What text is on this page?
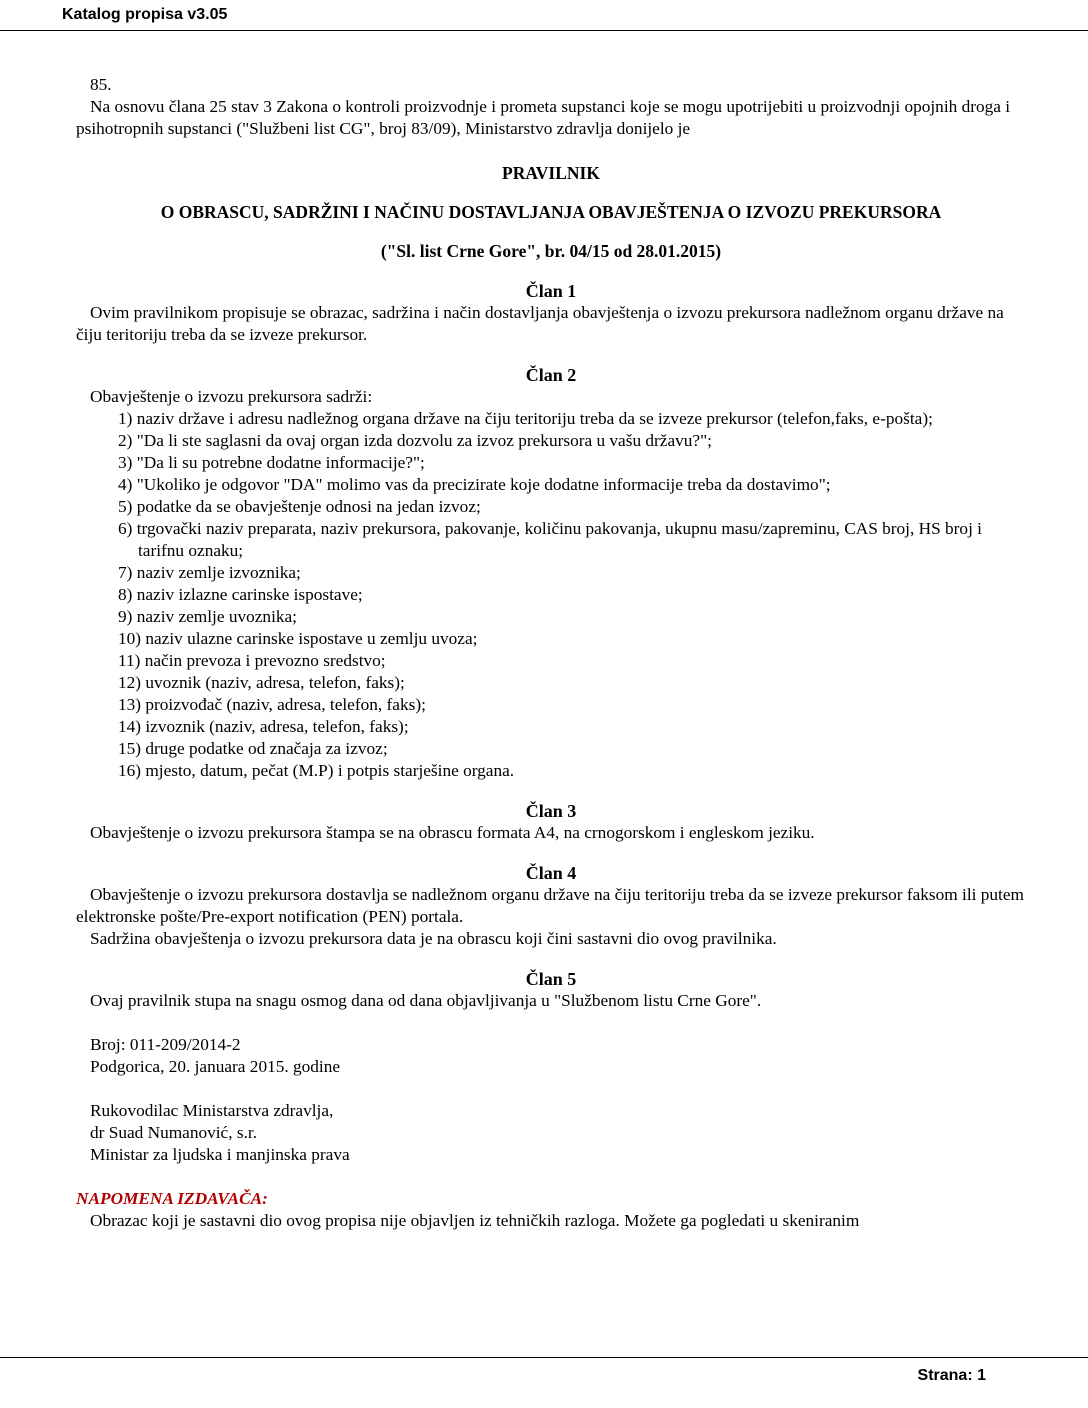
Katalog propisa v3.05

85.

Na osnovu člana 25 stav 3 Zakona o kontroli proizvodnje i prometa supstanci koje se mogu upotrijebiti u proizvodnji opojnih droga i psihotropnih supstanci ("Službeni list CG", broj 83/09), Ministarstvo zdravlja donijelo je

PRAVILNIK

O OBRASCU, SADRŽINI I NAČINU DOSTAVLJANJA OBAVJEŠTENJA O IZVOZU PREKURSORA

("Sl. list Crne Gore", br. 04/15 od 28.01.2015)

Član 1

Ovim pravilnikom propisuje se obrazac, sadržina i način dostavljanja obavještenja o izvozu prekursora nadležnom organu države na čiju teritoriju treba da se izveze prekursor.

Član 2

Obavještenje o izvozu prekursora sadrži:

1) naziv države i adresu nadležnog organa države na čiju teritoriju treba da se izveze prekursor (telefon,faks, e-pošta);
2) "Da li ste saglasni da ovaj organ izda dozvolu za izvoz prekursora u vašu državu?";
3) "Da li su potrebne dodatne informacije?";
4) "Ukoliko je odgovor "DA" molimo vas da precizirate koje dodatne informacije treba da dostavimo";
5) podatke da se obavještenje odnosi na jedan izvoz;
6) trgovački naziv preparata, naziv prekursora, pakovanje, količinu pakovanja, ukupnu masu/zapreminu, CAS broj, HS broj i tarifnu oznaku;
7) naziv zemlje izvoznika;
8) naziv izlazne carinske ispostave;
9) naziv zemlje uvoznika;
10) naziv ulazne carinske ispostave u zemlju uvoza;
11) način prevoza i prevozno sredstvo;
12) uvoznik (naziv, adresa, telefon, faks);
13) proizvođač (naziv, adresa, telefon, faks);
14) izvoznik (naziv, adresa, telefon, faks);
15) druge podatke od značaja za izvoz;
16) mjesto, datum, pečat (M.P) i potpis starješine organa.

Član 3

Obavještenje o izvozu prekursora štampa se na obrascu formata A4, na crnogorskom i engleskom jeziku.

Član 4

Obavještenje o izvozu prekursora dostavlja se nadležnom organu države na čiju teritoriju treba da se izveze prekursor faksom ili putem elektronske pošte/Pre-export notification (PEN) portala.

Sadržina obavještenja o izvozu prekursora data je na obrascu koji čini sastavni dio ovog pravilnika.

Član 5

Ovaj pravilnik stupa na snagu osmog dana od dana objavljivanja u "Službenom listu Crne Gore".

Broj: 011-209/2014-2

Podgorica, 20. januara 2015. godine

Rukovodilac Ministarstva zdravlja,

dr Suad Numanović, s.r.

Ministar za ljudska i manjinska prava

NAPOMENA IZDAVAČA:

Obrazac koji je sastavni dio ovog propisa nije objavljen iz tehničkih razloga. Možete ga pogledati u skeniranim

Strana: 1
